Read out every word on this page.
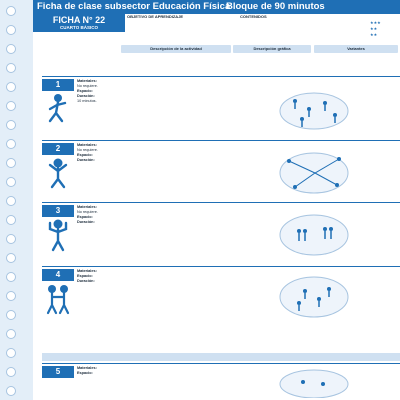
Ficha de clase subsector Educación Física
Bloque de 90 minutos
FICHA N° 22
CUARTO BÁSICO
OBJETIVO DE APRENDIZAJE	CONTENIDOS
★★★
★★
★★
Descripción de la actividad	Descripción gráfica	Variantes
1	Materiales:
No requiere.
Espacio:
Duración:
10 minutos.

2	Materiales:
No requiere.
Espacio:
Duración:

3	Materiales:
No requiere.
Espacio:
Duración:

4	Materiales:
Espacio:
Duración:

5	Materiales:
Espacio:
